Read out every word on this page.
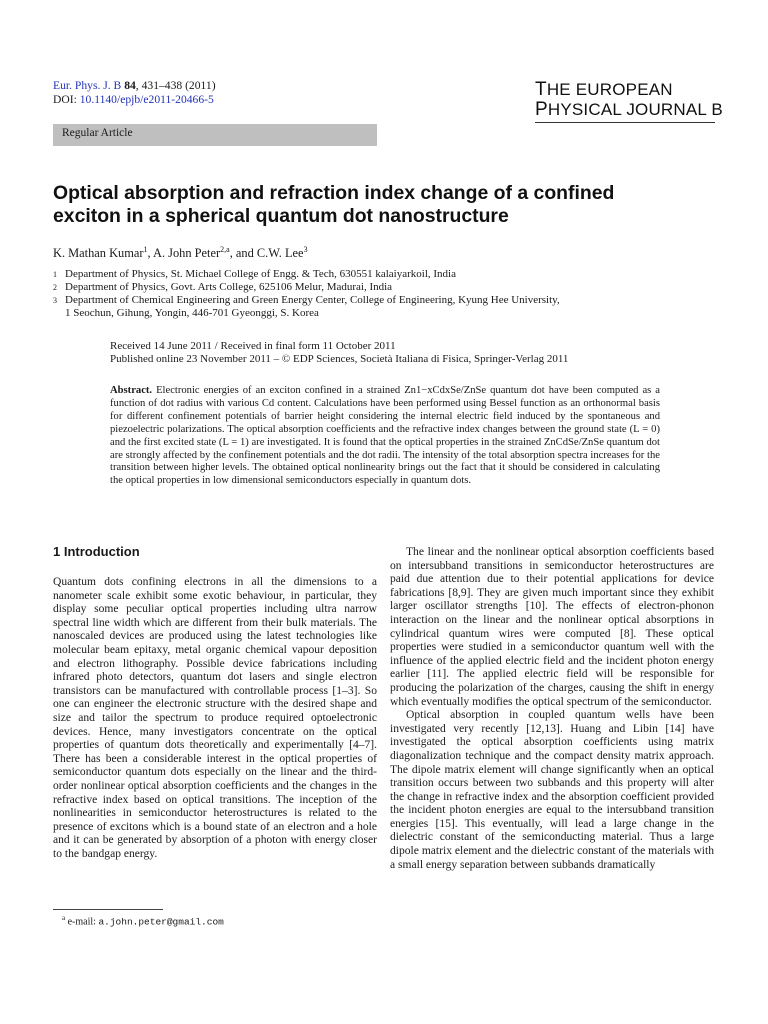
Eur. Phys. J. B 84, 431–438 (2011)
DOI: 10.1140/epjb/e2011-20466-5	THE EUROPEAN
PHYSICAL JOURNAL B
Regular Article
Optical absorption and refraction index change of a confined
exciton in a spherical quantum dot nanostructure
K. Mathan Kumar$^1$, A. John Peter$^{2,a}$, and C.W. Lee$^3$
$^1$ Department of Physics, St. Michael College of Engg. & Tech, 630551 kalaiyarkoil, India
$^2$ Department of Physics, Govt. Arts College, 625106 Melur, Madurai, India
$^3$ Department of Chemical Engineering and Green Energy Center, College of Engineering, Kyung Hee University,
1 Seochun, Gihung, Yongin, 446-701 Gyeonggi, S. Korea
Received 14 June 2011 / Received in final form 11 October 2011
Published online 23 November 2011 – © EDP Sciences, Società Italiana di Fisica, Springer-Verlag 2011
Abstract. Electronic energies of an exciton confined in a strained Zn1−xCdxSe/ZnSe quantum dot have been computed as a function of dot radius with various Cd content. Calculations have been performed using Bessel function as an orthonormal basis for different confinement potentials of barrier height considering the internal electric field induced by the spontaneous and piezoelectric polarizations. The optical absorption coefficients and the refractive index changes between the ground state (L = 0) and the first excited state (L = 1) are investigated. It is found that the optical properties in the strained ZnCdSe/ZnSe quantum dot are strongly affected by the confinement potentials and the dot radii. The intensity of the total absorption spectra increases for the transition between higher levels. The obtained optical nonlinearity brings out the fact that it should be considered in calculating the optical properties in low dimensional semiconductors especially in quantum dots.
1 Introduction

Quantum dots confining electrons in all the dimensions to a nanometer scale exhibit some exotic behaviour, in particular, they display some peculiar optical properties including ultra narrow spectral line width which are different from their bulk materials. The nanoscaled devices are produced using the latest technologies like molecular beam epitaxy, metal organic chemical vapour deposition and electron lithography. Possible device fabrications including infrared photo detectors, quantum dot lasers and single electron transistors can be manufactured with controllable process [1–3]. So one can engineer the electronic structure with the desired shape and size and tailor the spectrum to produce required optoelectronic devices. Hence, many investigators concentrate on the optical properties of quantum dots theoretically and experimentally [4–7]. There has been a considerable interest in the optical properties of semiconductor quantum dots especially on the linear and the third-order nonlinear optical absorption coefficients and the changes in the refractive index based on optical transitions. The inception of the nonlinearities in semiconductor heterostructures is related to the presence of excitons which is a bound state of an electron and a hole and it can be generated by absorption of a photon with energy closer to the bandgap energy.

The linear and the nonlinear optical absorption coefficients based on intersubband transitions in semiconductor heterostructures are paid due attention due to their potential applications for device fabrications [8,9]. They are given much important since they exhibit larger oscillator strengths [10]. The effects of electron-phonon interaction on the linear and the nonlinear optical absorptions in cylindrical quantum wires were computed [8]. These optical properties were studied in a semiconductor quantum well with the influence of the applied electric field and the incident photon energy earlier [11]. The applied electric field will be responsible for producing the polarization of the charges, causing the shift in energy which eventually modifies the optical spectrum of the semiconductor.

Optical absorption in coupled quantum wells have been investigated very recently [12,13]. Huang and Libin [14] have investigated the optical absorption coefficients using matrix diagonalization technique and the compact density matrix approach. The dipole matrix element will change significantly when an optical transition occurs between two subbands and this property will alter the change in refractive index and the absorption coefficient provided the incident photon energies are equal to the intersubband transition energies [15]. This eventually, will lead a large change in the dielectric constant of the semiconducting material. Thus a large dipole matrix element and the dielectric constant of the materials with a small energy separation between subbands dramatically

$^a$ e-mail: a.john.peter@gmail.com
